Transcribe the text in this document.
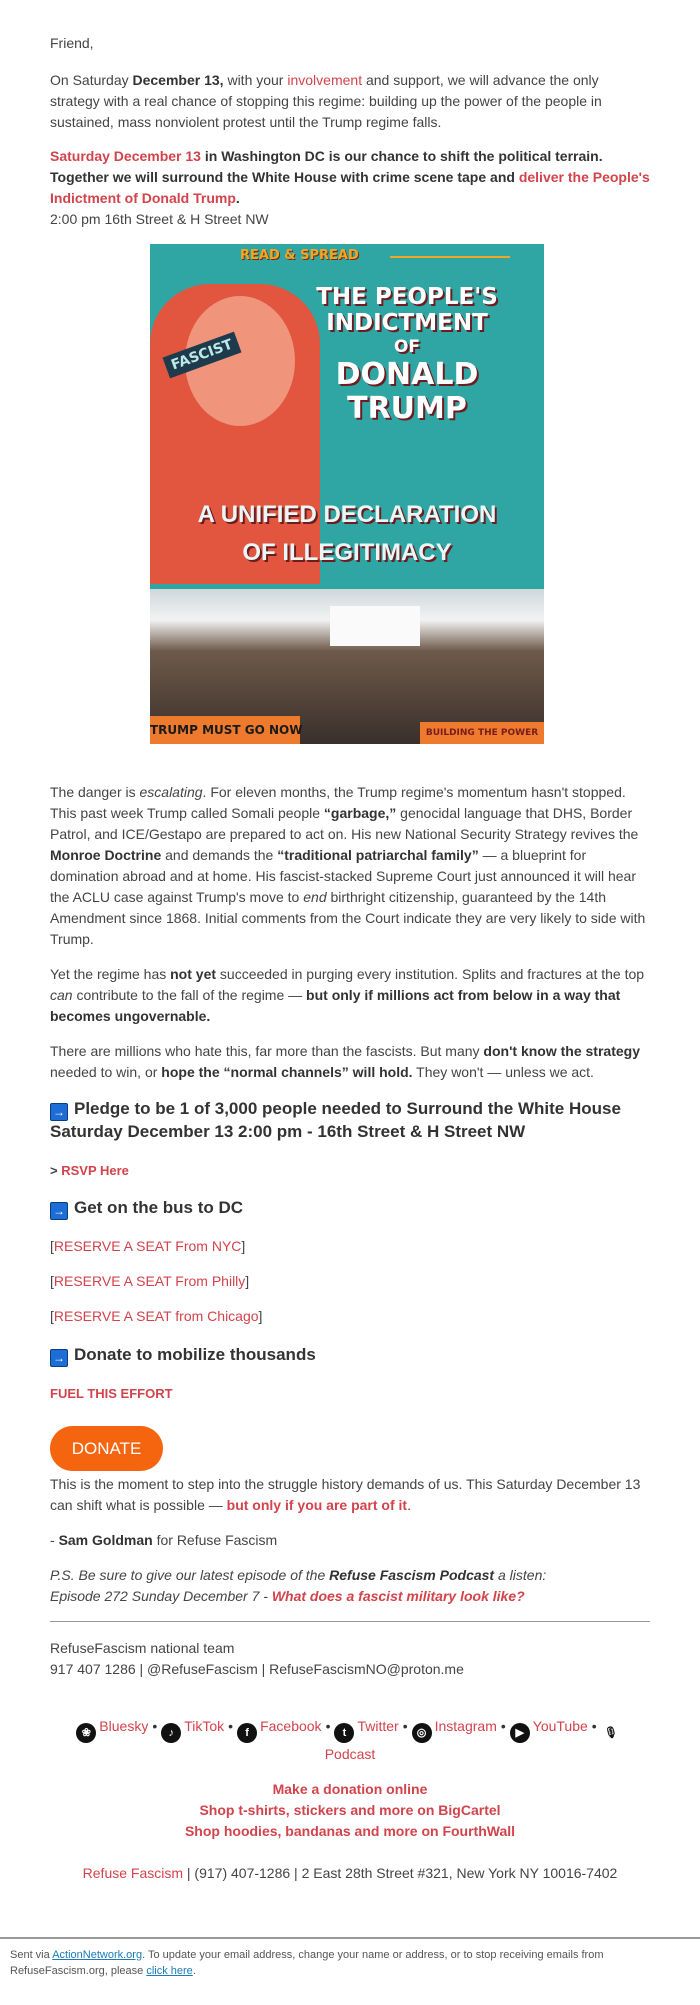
Friend,
On Saturday December 13, with your involvement and support, we will advance the only strategy with a real chance of stopping this regime: building up the power of the people in sustained, mass nonviolent protest until the Trump regime falls.
Saturday December 13 in Washington DC is our chance to shift the political terrain. Together we will surround the White House with crime scene tape and deliver the People's Indictment of Donald Trump.
2:00 pm 16th Street & H Street NW
FASCIST
READ & SPREAD
THE PEOPLE'S
INDICTMENT
OF
DONALD
TRUMP
A UNIFIED DECLARATION
OF ILLEGITIMACY
TRUMP MUST GO NOW	BUILDING THE POWER
The danger is escalating. For eleven months, the Trump regime's momentum hasn't stopped. This past week Trump called Somali people “garbage,” genocidal language that DHS, Border Patrol, and ICE/Gestapo are prepared to act on. His new National Security Strategy revives the Monroe Doctrine and demands the “traditional patriarchal family” — a blueprint for domination abroad and at home. His fascist-stacked Supreme Court just announced it will hear the ACLU case against Trump's move to end birthright citizenship, guaranteed by the 14th Amendment since 1868. Initial comments from the Court indicate they are very likely to side with Trump.
Yet the regime has not yet succeeded in purging every institution. Splits and fractures at the top can contribute to the fall of the regime — but only if millions act from below in a way that becomes ungovernable.
There are millions who hate this, far more than the fascists. But many don't know the strategy needed to win, or hope the “normal channels” will hold. They won't — unless we act.
→ Pledge to be 1 of 3,000 people needed to Surround the White House Saturday December 13 2:00 pm - 16th Street & H Street NW
> RSVP Here
→ Get on the bus to DC
[RESERVE A SEAT From NYC]
[RESERVE A SEAT From Philly]
[RESERVE A SEAT from Chicago]
→ Donate to mobilize thousands
FUEL THIS EFFORT
DONATE
This is the moment to step into the struggle history demands of us. This Saturday December 13 can shift what is possible — but only if you are part of it.
- Sam Goldman for Refuse Fascism
P.S. Be sure to give our latest episode of the Refuse Fascism Podcast a listen:
Episode 272 Sunday December 7 - What does a fascist military look like?
RefuseFascism national team
917 407 1286 | @RefuseFascism | RefuseFascismNO@proton.me
❀ Bluesky • ♪ TikTok • f Facebook • t Twitter • ◎ Instagram • ▶ YouTube • 🎙
Podcast
Make a donation online
Shop t-shirts, stickers and more on BigCartel
Shop hoodies, bandanas and more on FourthWall
Refuse Fascism | (917) 407-1286 | 2 East 28th Street #321, New York NY 10016-7402
Sent via ActionNetwork.org. To update your email address, change your name or address, or to stop receiving emails from RefuseFascism.org, please click here.
